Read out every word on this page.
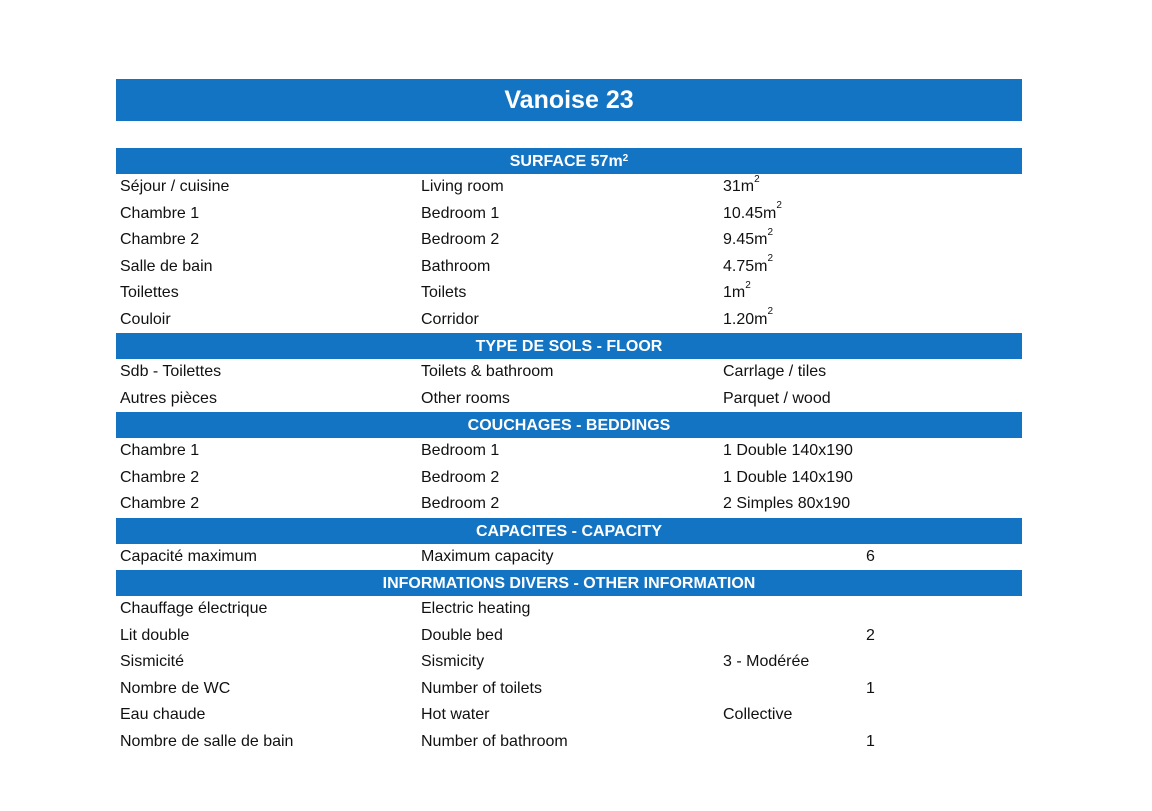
Vanoise 23
SURFACE $57m^2$
Séjour / cuisine	Living room	$31m^2$
Chambre 1	Bedroom 1	$10.45m^2$
Chambre 2	Bedroom 2	$9.45m^2$
Salle de bain	Bathroom	$4.75m^2$
Toilettes	Toilets	$1m^2$
Couloir	Corridor	$1.20m^2$
TYPE DE SOLS - FLOOR
Sdb - Toilettes	Toilets & bathroom	Carrlage / tiles
Autres pièces	Other rooms	Parquet / wood
COUCHAGES - BEDDINGS
Chambre 1	Bedroom 1	1 Double 140x190
Chambre 2	Bedroom 2	1 Double 140x190
Chambre 2	Bedroom 2	2 Simples 80x190
CAPACITES - CAPACITY
Capacité maximum	Maximum capacity	6
INFORMATIONS DIVERS - OTHER INFORMATION
Chauffage électrique	Electric heating
Lit double	Double bed	2
Sismicité	Sismicity	3 - Modérée
Nombre de WC	Number of toilets	1
Eau chaude	Hot water	Collective
Nombre de salle de bain	Number of bathroom	1
